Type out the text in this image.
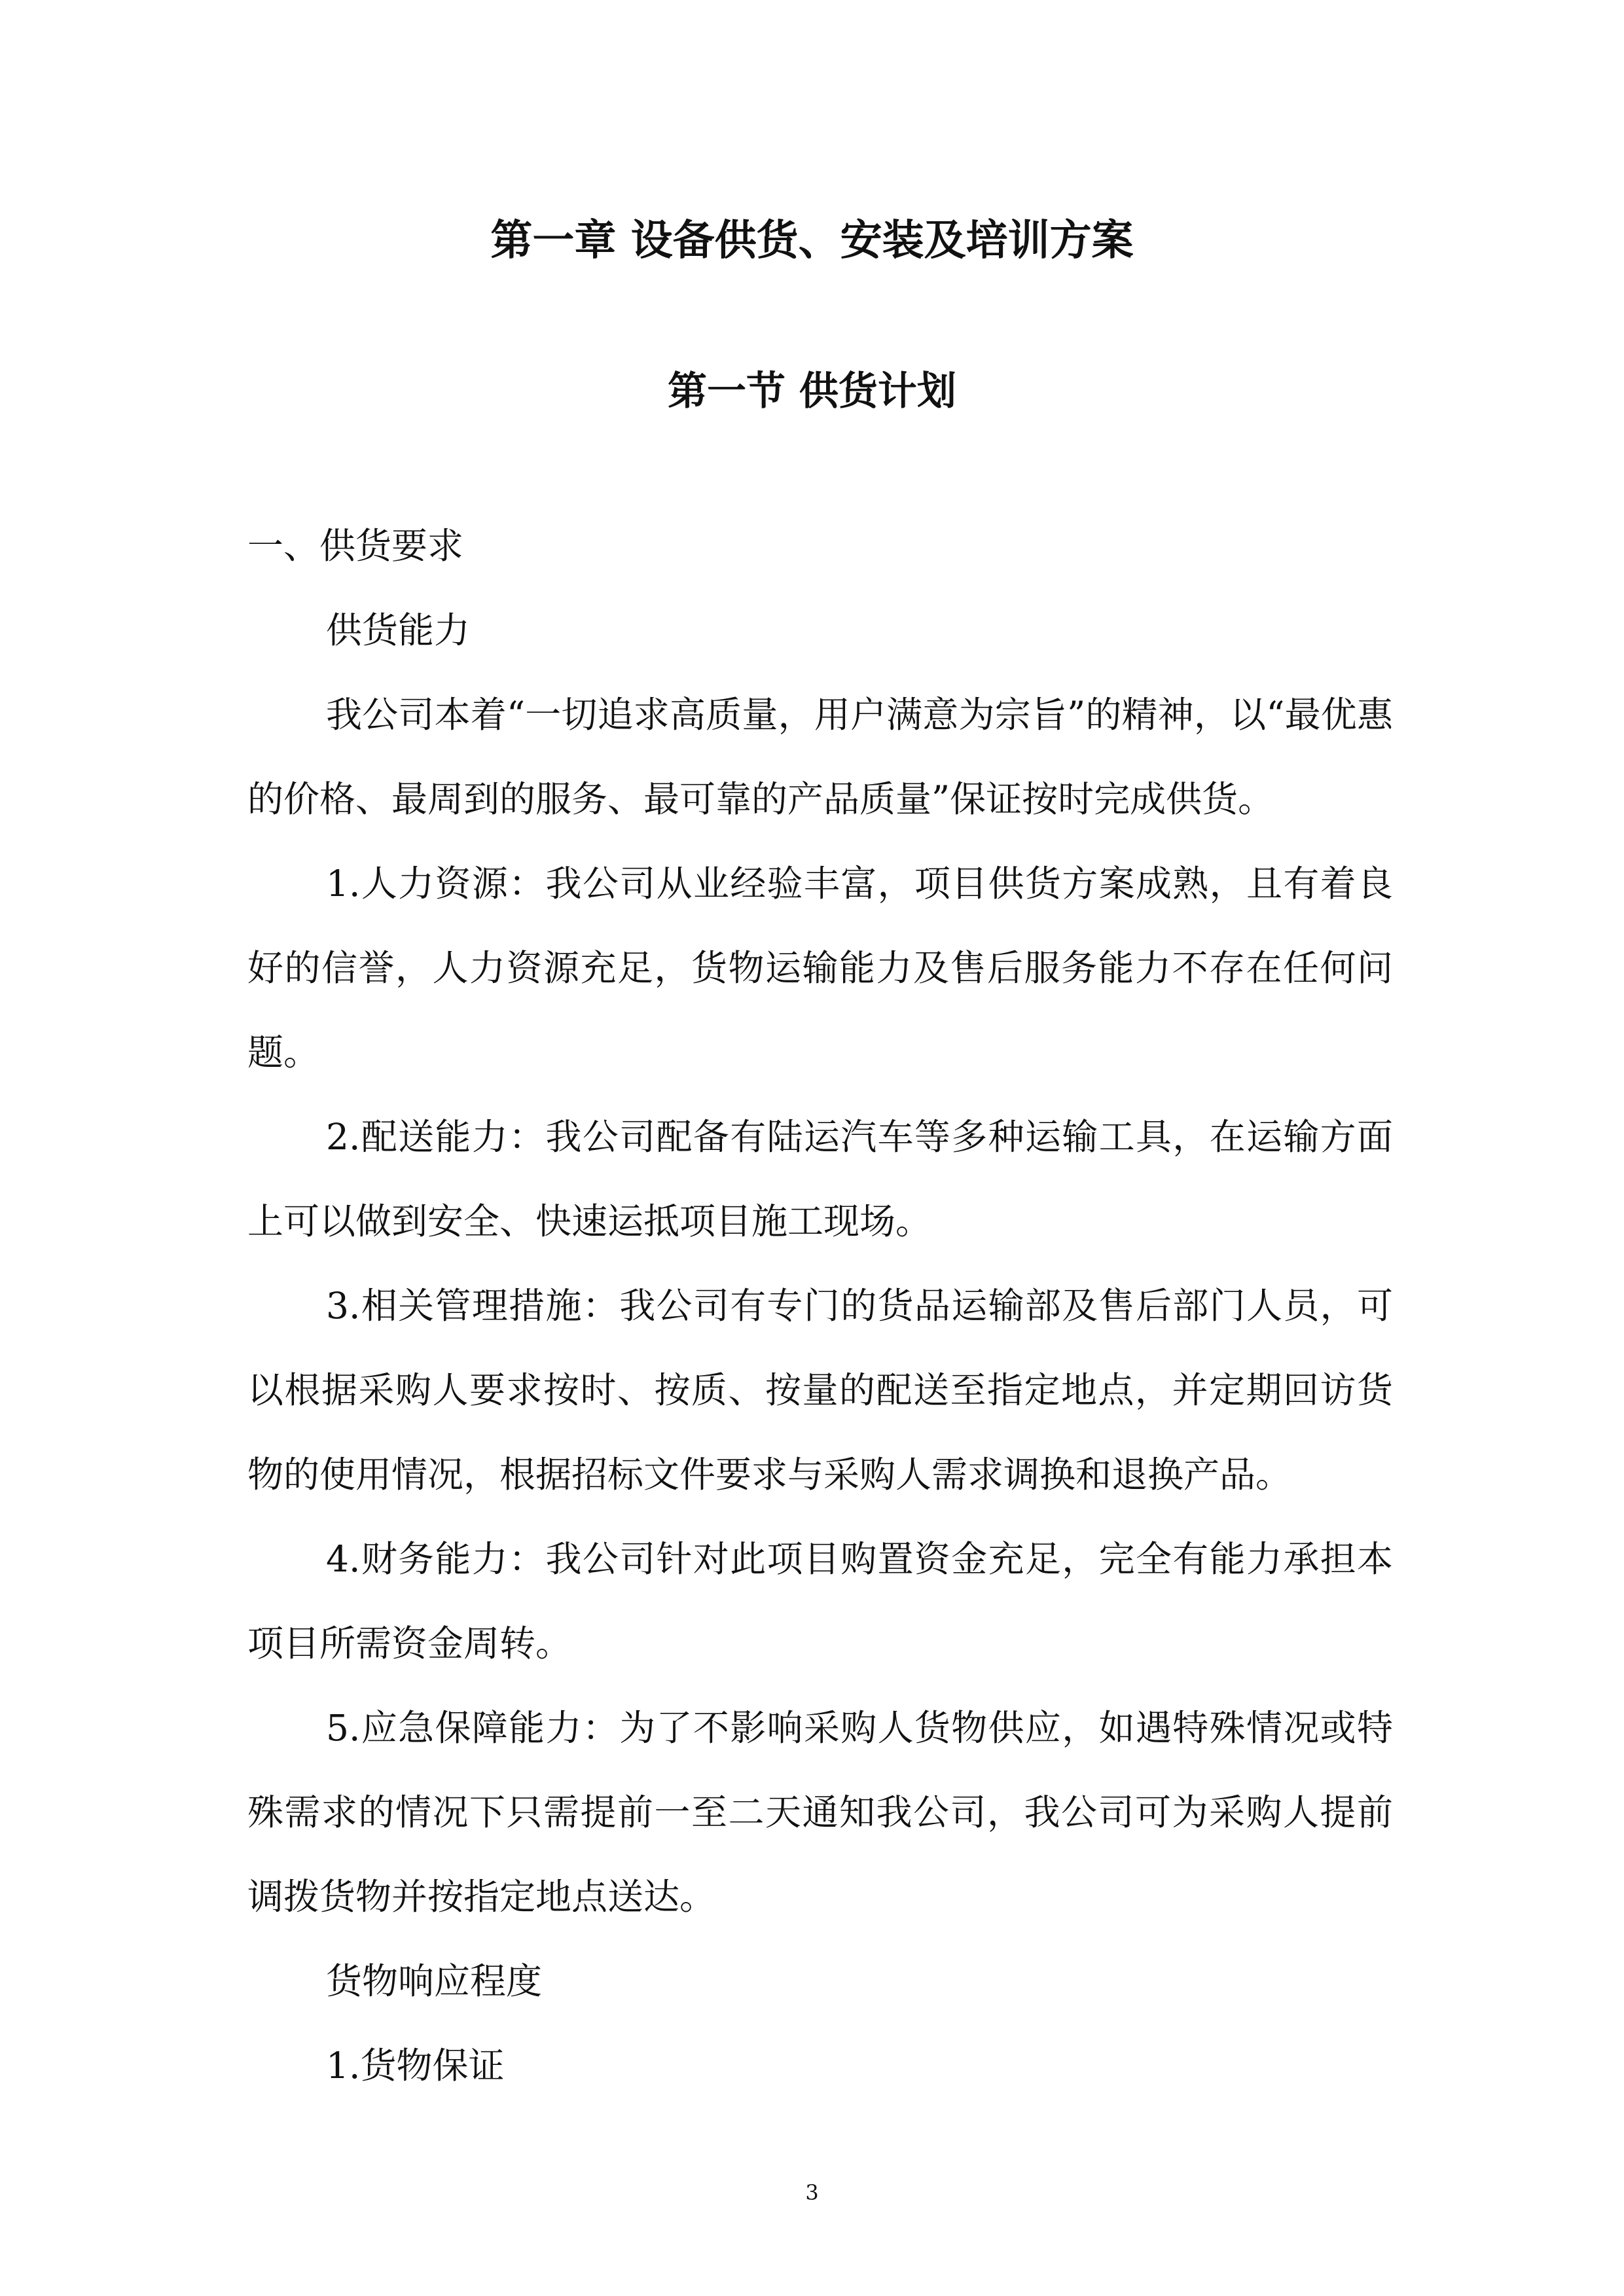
第一章 设备供货、安装及培训方案
第一节 供货计划

一、供货要求

供货能力

我公司本着“一切追求高质量，用户满意为宗旨”的精神，以“最优惠的价格、最周到的服务、最可靠的产品质量”保证按时完成供货。

1.人力资源：我公司从业经验丰富，项目供货方案成熟，且有着良好的信誉，人力资源充足，货物运输能力及售后服务能力不存在任何问题。

2.配送能力：我公司配备有陆运汽车等多种运输工具，在运输方面上可以做到安全、快速运抵项目施工现场。

3.相关管理措施：我公司有专门的货品运输部及售后部门人员，可以根据采购人要求按时、按质、按量的配送至指定地点，并定期回访货物的使用情况，根据招标文件要求与采购人需求调换和退换产品。

4.财务能力：我公司针对此项目购置资金充足，完全有能力承担本项目所需资金周转。

5.应急保障能力：为了不影响采购人货物供应，如遇特殊情况或特殊需求的情况下只需提前一至二天通知我公司，我公司可为采购人提前调拨货物并按指定地点送达。

货物响应程度

1.货物保证

3
